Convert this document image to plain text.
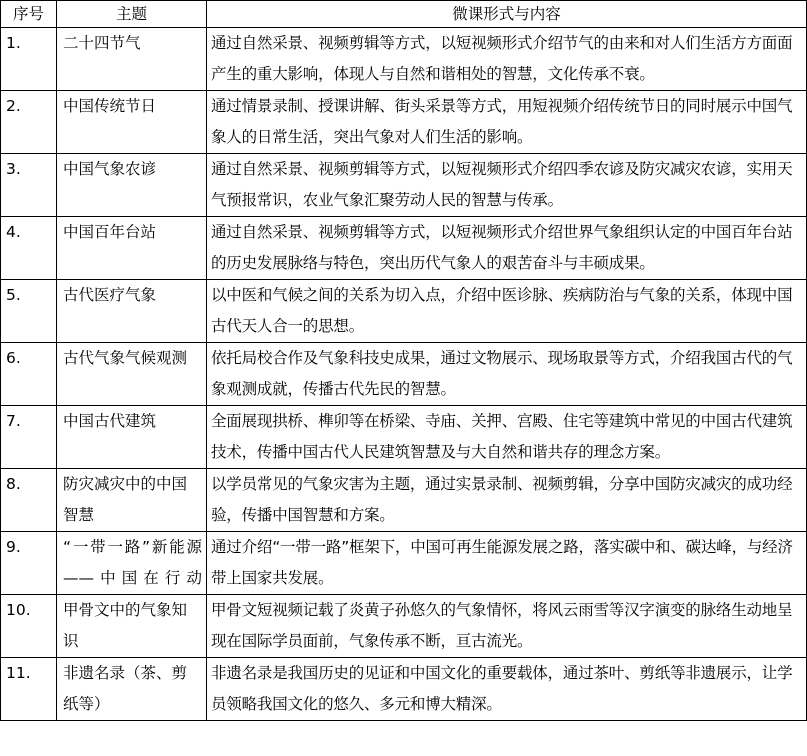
序号	主题	微课形式与内容
1.	二十四节气	通过自然采景、视频剪辑等方式，以短视频形式介绍节气的由来和对人们生活方方面面产生的重大影响，体现人与自然和谐相处的智慧，文化传承不衰。
2.	中国传统节日	通过情景录制、授课讲解、街头采景等方式，用短视频介绍传统节日的同时展示中国气象人的日常生活，突出气象对人们生活的影响。
3.	中国气象农谚	通过自然采景、视频剪辑等方式，以短视频形式介绍四季农谚及防灾减灾农谚，实用天气预报常识，农业气象汇聚劳动人民的智慧与传承。
4.	中国百年台站	通过自然采景、视频剪辑等方式，以短视频形式介绍世界气象组织认定的中国百年台站的历史发展脉络与特色，突出历代气象人的艰苦奋斗与丰硕成果。
5.	古代医疗气象	以中医和气候之间的关系为切入点，介绍中医诊脉、疾病防治与气象的关系，体现中国古代天人合一的思想。
6.	古代气象气候观测	依托局校合作及气象科技史成果，通过文物展示、现场取景等方式，介绍我国古代的气象观测成就，传播古代先民的智慧。
7.	中国古代建筑	全面展现拱桥、榫卯等在桥梁、寺庙、关押、宫殿、住宅等建筑中常见的中国古代建筑技术，传播中国古代人民建筑智慧及与大自然和谐共存的理念方案。
8.	防灾减灾中的中国智慧	以学员常见的气象灾害为主题，通过实景录制、视频剪辑，分享中国防灾减灾的成功经验，传播中国智慧和方案。
9.	“一带一路”新能源——中国在行动	通过介绍“一带一路”框架下，中国可再生能源发展之路，落实碳中和、碳达峰，与经济带上国家共发展。
10.	甲骨文中的气象知识	甲骨文短视频记载了炎黄子孙悠久的气象情怀，将风云雨雪等汉字演变的脉络生动地呈现在国际学员面前，气象传承不断，亘古流光。
11.	非遗名录（茶、剪纸等）	非遗名录是我国历史的见证和中国文化的重要载体，通过茶叶、剪纸等非遗展示，让学员领略我国文化的悠久、多元和博大精深。
